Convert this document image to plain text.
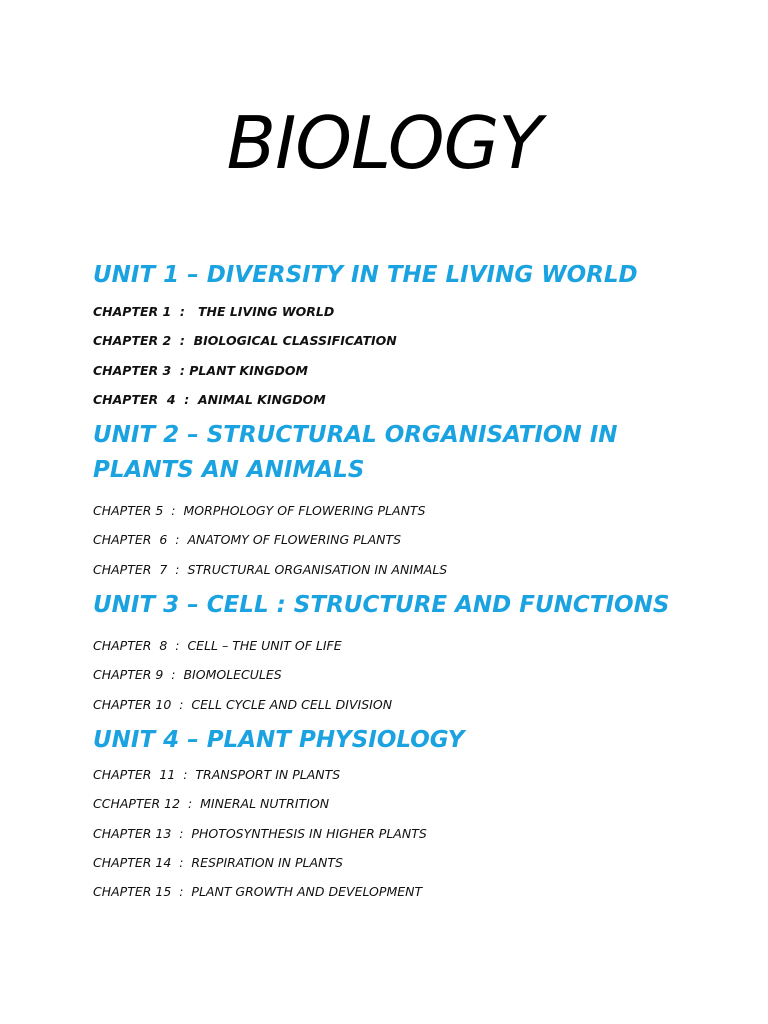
BIOLOGY
UNIT 1 – DIVERSITY IN THE LIVING WORLD
CHAPTER 1  :   THE LIVING WORLD
CHAPTER 2  :  BIOLOGICAL CLASSIFICATION
CHAPTER 3  : PLANT KINGDOM
CHAPTER  4  :  ANIMAL KINGDOM
UNIT 2 – STRUCTURAL ORGANISATION IN PLANTS AN ANIMALS
CHAPTER 5  :  MORPHOLOGY OF FLOWERING PLANTS
CHAPTER  6  :  ANATOMY OF FLOWERING PLANTS
CHAPTER  7  :  STRUCTURAL ORGANISATION IN ANIMALS
UNIT 3 – CELL : STRUCTURE AND FUNCTIONS
CHAPTER  8  :  CELL – THE UNIT OF LIFE
CHAPTER 9  :  BIOMOLECULES
CHAPTER 10  :  CELL CYCLE AND CELL DIVISION
UNIT 4 – PLANT PHYSIOLOGY
CHAPTER  11  :  TRANSPORT IN PLANTS
CCHAPTER 12  :  MINERAL NUTRITION
CHAPTER 13  :  PHOTOSYNTHESIS IN HIGHER PLANTS
CHAPTER 14  :  RESPIRATION IN PLANTS
CHAPTER 15  :  PLANT GROWTH AND DEVELOPMENT
